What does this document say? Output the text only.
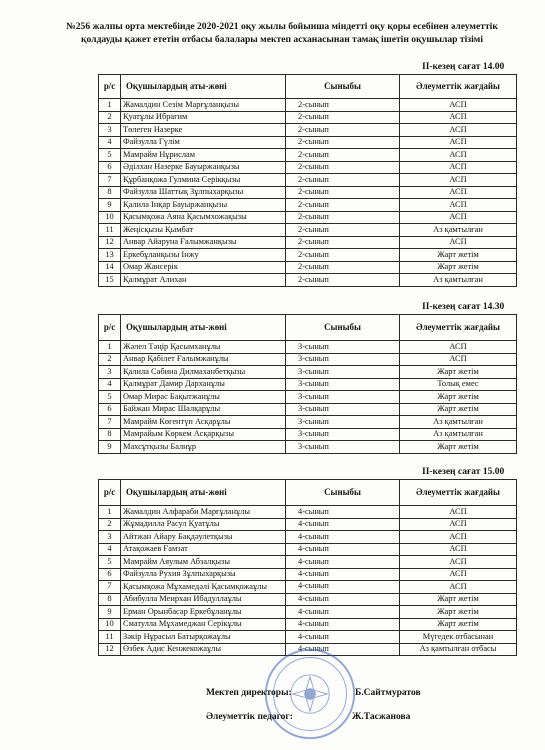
№256 жалпы орта мектебінде 2020-2021 оқу жылы бойынша міндетті оқу қоры есебінен әлеуметтік қолдауды қажет ететін отбасы балалары мектеп асханасынан тамақ ішетін оқушылар тізімі
ІІ-кезең сағат 14.00
р/с	Оқушылардың аты-жөні	Сыныбы	Әлеуметтік жағдайы
1	Жамалдин Сезім Марғұланқызы	2-сынып	АСП
2	Қуатұлы Ибрагим	2-сынып	АСП
3	Төлеген Назерке	2-сынып	АСП
4	Файзулла Гүлім	2-сынып	АСП
5	Мамрайм Нұрислам	2-сынып	АСП
6	Әділхан Назерке Бауыржанқызы	2-сынып	АСП
7	Құрбанқожа Гулмина Серікқызы	2-сынып	АСП
8	Файзулла Шаттық Зұлпыхарқызы	2-сынып	АСП
9	Қалила Інқар Бауыржанқызы	2-сынып	АСП
10	Қасымқожа Аяна Қасымхожақызы	2-сынып	АСП
11	Жеңісқызы Қымбат	2-сынып	Аз қамтылған
12	Анвар Айаруна Ғалымжанқызы	2-сынып	АСП
13	Еркебұланқызы Інжу	2-сынып	Жарт жетім
14	Омар Жансерік	2-сынып	Жарт жетім
15	Қалмұрат Алихан	2-сынып	Аз қамтылған
ІІ-кезең сағат 14.30
р/с	Оқушылардың аты-жөні	Сыныбы	Әлеуметтік жағдайы
1	Жәлел Тәңір Қасымханұлы	3-сынып	АСП
2	Анвар Қабілет Ғалымжанұлы	3-сынып	АСП
3	Қалила Сабина Дилмаханбетқызы	3-сынып	Жарт жетім
4	Қалмұрат Дамир Дарханұлы	3-сынып	Толық емес
5	Омар Мирас Бақытжанұлы	3-сынып	Жарт жетім
6	Байжан Мирас Шалқарұлы	3-сынып	Жарт жетім
7	Мамрайм Көгентүп Асқарұлы	3-сынып	Аз қамтылған
8	Мамрайым Көркем Асқарқызы	3-сынып	Аз қамтылған
9	Махсұтқызы Балнұр	3-сынып	Жарт жетім
ІІ-кезең сағат 15.00
р/с	Оқушылардың аты-жөні	Сыныбы	Әлеуметтік жағдайы
1	Жамалдин Алфараби Марғұланұлы	4-сынып	АСП
2	Жұмадилла Расул Қуатұлы	4-сынып	АСП
3	Айтжан Айару Бақдәулетқызы	4-сынып	АСП
4	Атақожаев Ғамзат	4-сынып	АСП
5	Мамрайм Аяулым Абзалқызы	4-сынып	АСП
6	Файзулла Рухия Зұлпыхарқызы	4-сынып	АСП
7	Қасымқожа Мұхамедәлі Қасымқожаұлы	4-сынып	АСП
8	Абибулла Меирхан Ибадуллаұлы	4-сынып	Жарт жетім
9	Ерман Орынбасар Еркебұланұлы	4-сынып	Жарт жетім
10	Сматулла Мұхамеджан Серікұлы	4-сынып	Жарт жетім
11	Зәкір Нұрасыл Батырқожаұлы	4-сынып	Мүгедек отбасынан
12	Өзбек Адис Кенжекожаұлы	4-сынып	Аз қамтылған отбасы
Мектеп директоры:	Б.Сайтмуратов
Әлеуметтік педагог:	Ж.Тасжанова
